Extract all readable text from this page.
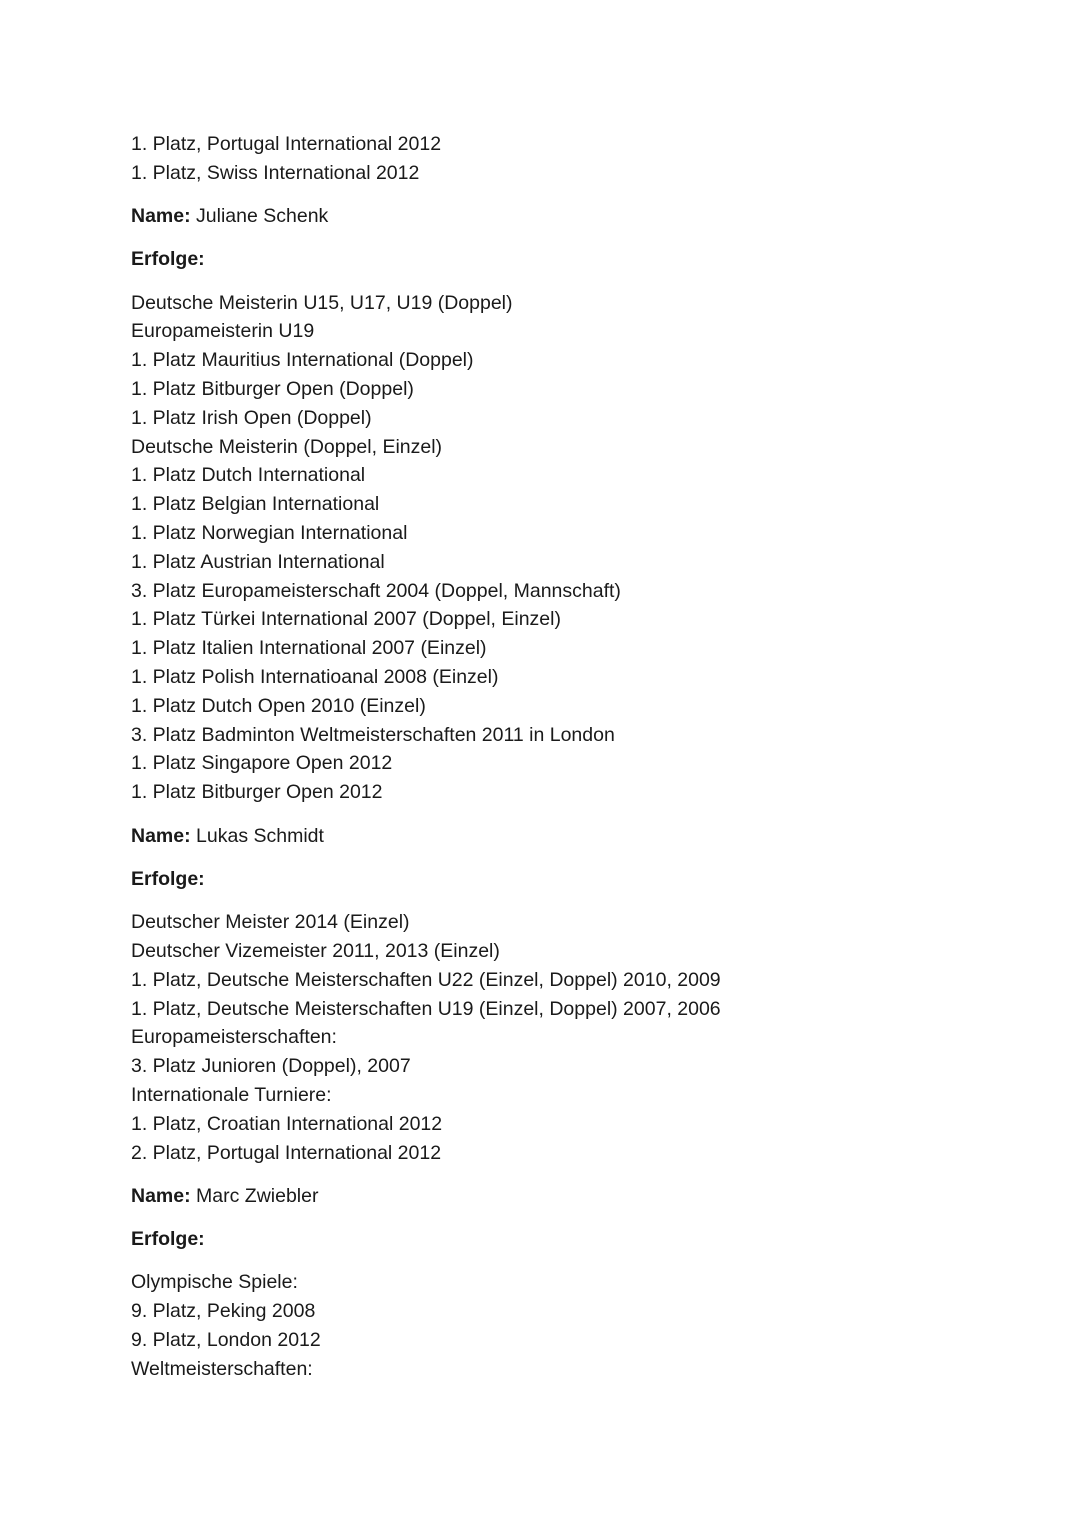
1. Platz, Portugal International 2012

1. Platz, Swiss International 2012

Name: Juliane Schenk

Erfolge:

Deutsche Meisterin U15, U17, U19 (Doppel)

Europameisterin U19

1. Platz Mauritius International (Doppel)

1. Platz Bitburger Open (Doppel)

1. Platz Irish Open (Doppel)

Deutsche Meisterin (Doppel, Einzel)

1. Platz Dutch International

1. Platz Belgian International

1. Platz Norwegian International

1. Platz Austrian International

3. Platz Europameisterschaft 2004 (Doppel, Mannschaft)

1. Platz Türkei International 2007 (Doppel, Einzel)

1. Platz Italien International 2007 (Einzel)

1. Platz Polish Internatioanal 2008 (Einzel)

1. Platz Dutch Open 2010 (Einzel)

3. Platz Badminton Weltmeisterschaften 2011 in London

1. Platz Singapore Open 2012

1. Platz Bitburger Open 2012

Name: Lukas Schmidt

Erfolge:

Deutscher Meister 2014 (Einzel)

Deutscher Vizemeister 2011, 2013 (Einzel)

1. Platz, Deutsche Meisterschaften U22 (Einzel, Doppel) 2010, 2009

1. Platz, Deutsche Meisterschaften U19 (Einzel, Doppel) 2007, 2006

Europameisterschaften:

3. Platz Junioren (Doppel), 2007

Internationale Turniere:

1. Platz, Croatian International 2012

2. Platz, Portugal International 2012

Name: Marc Zwiebler

Erfolge:

Olympische Spiele:

9. Platz, Peking 2008

9. Platz, London 2012

Weltmeisterschaften:
